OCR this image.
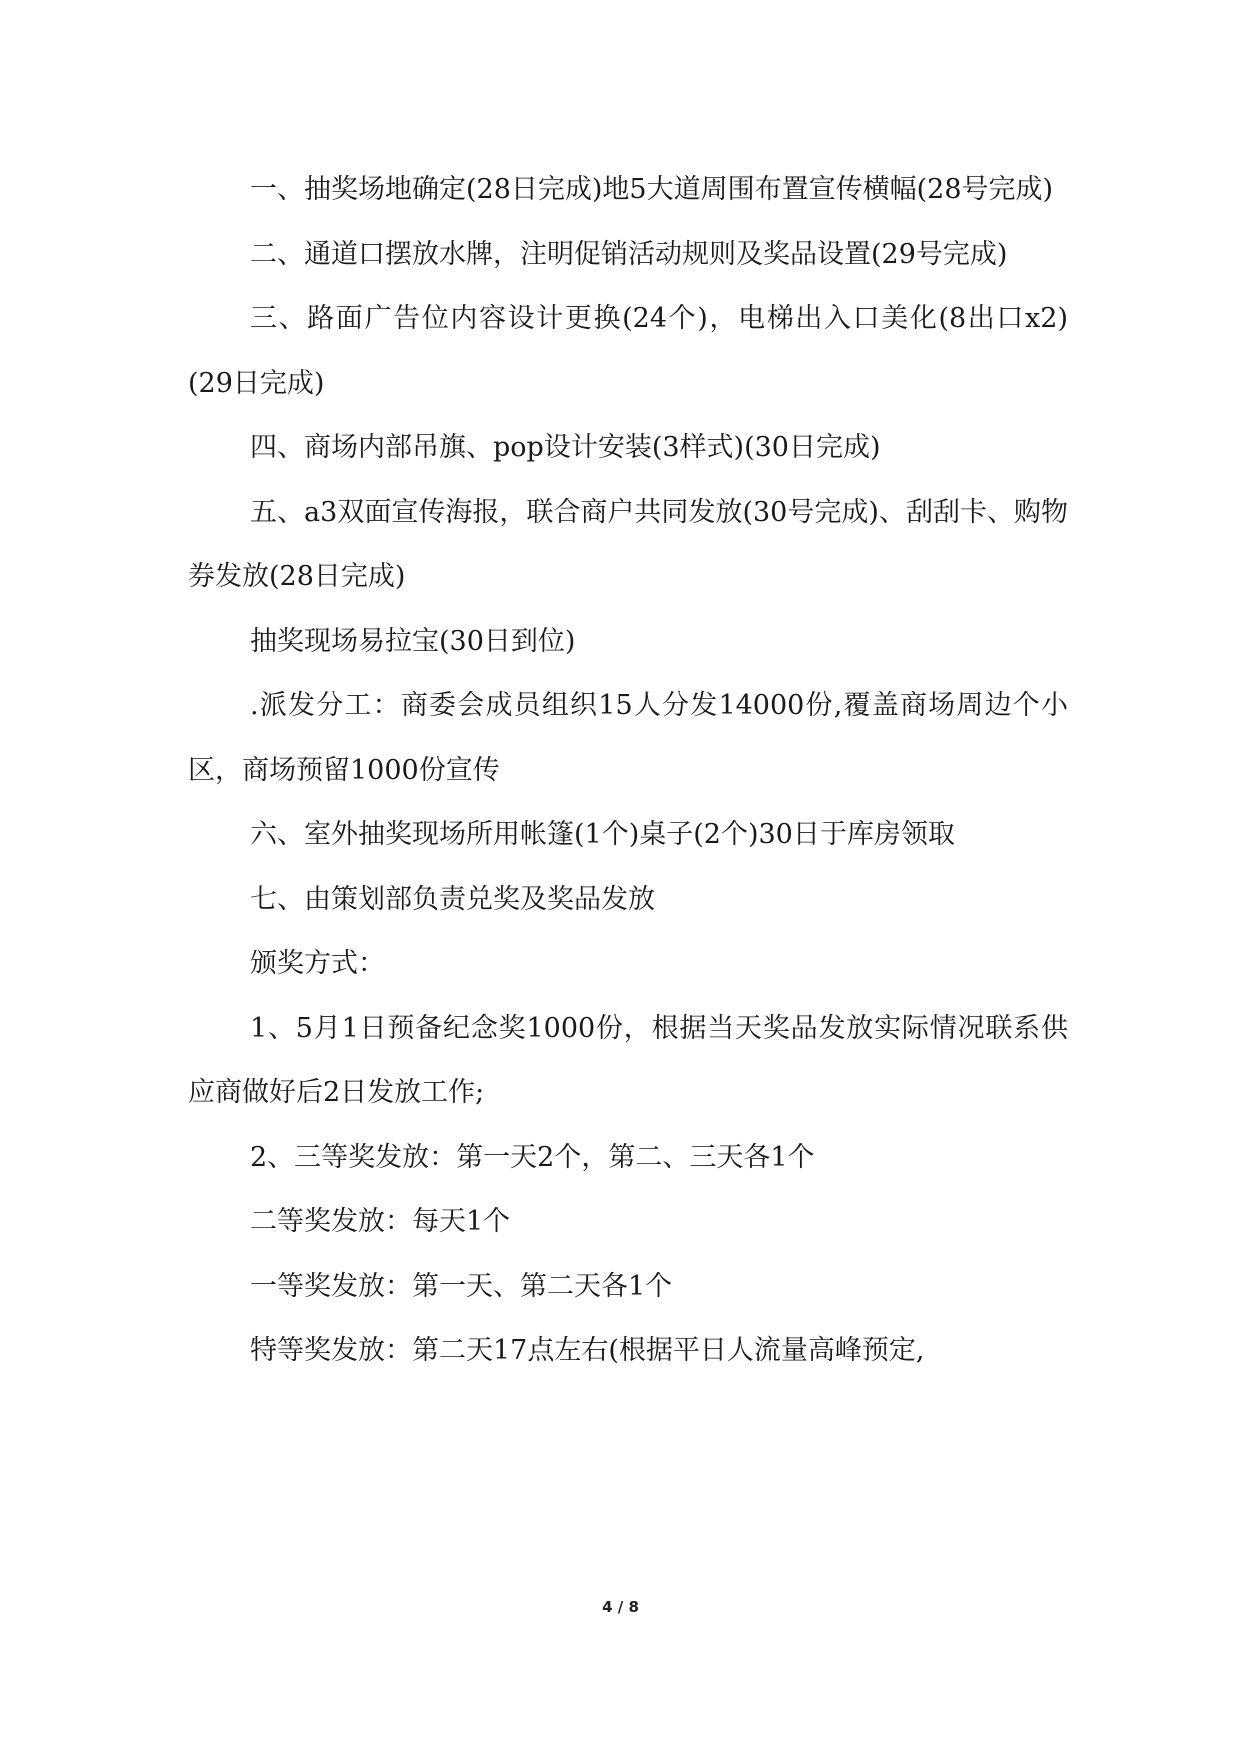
一、抽奖场地确定(28日完成)地5大道周围布置宣传横幅(28号完成)

二、通道口摆放水牌，注明促销活动规则及奖品设置(29号完成)

三、路面广告位内容设计更换(24个)，电梯出入口美化(8出口x2)(29日完成)

四、商场内部吊旗、pop设计安装(3样式)(30日完成)

五、a3双面宣传海报，联合商户共同发放(30号完成)、刮刮卡、购物券发放(28日完成)

抽奖现场易拉宝(30日到位)

.派发分工：商委会成员组织15人分发14000份,覆盖商场周边个小区，商场预留1000份宣传

六、室外抽奖现场所用帐篷(1个)桌子(2个)30日于库房领取

七、由策划部负责兑奖及奖品发放

颁奖方式：

1、5月1日预备纪念奖1000份，根据当天奖品发放实际情况联系供应商做好后2日发放工作;

2、三等奖发放：第一天2个，第二、三天各1个

二等奖发放：每天1个

一等奖发放：第一天、第二天各1个

特等奖发放：第二天17点左右(根据平日人流量高峰预定,

4 / 8
